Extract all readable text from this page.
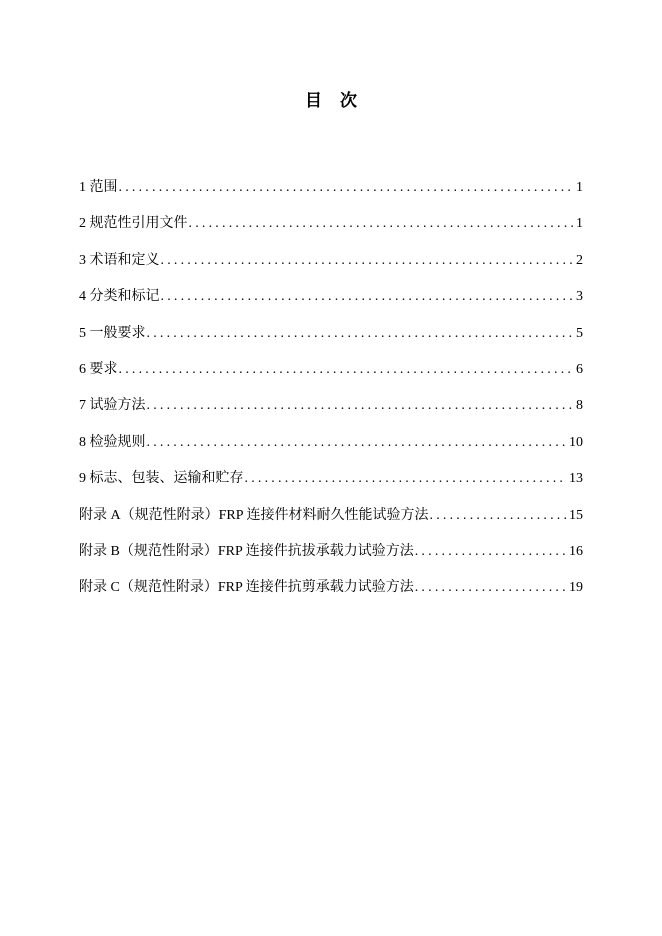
目 次
1 范围 .....	1
2 规范性引用文件 .....	1
3 术语和定义 .....	2
4 分类和标记 .....	3
5 一般要求 .....	5
6 要求 .....	6
7 试验方法 .....	8
8 检验规则 .....	10
9 标志、包装、运输和贮存 .....	13
附录 A（规范性附录）FRP 连接件材料耐久性能试验方法 .....	15
附录 B（规范性附录）FRP 连接件抗拔承载力试验方法 .....	16
附录 C（规范性附录）FRP 连接件抗剪承载力试验方法 .....	19
